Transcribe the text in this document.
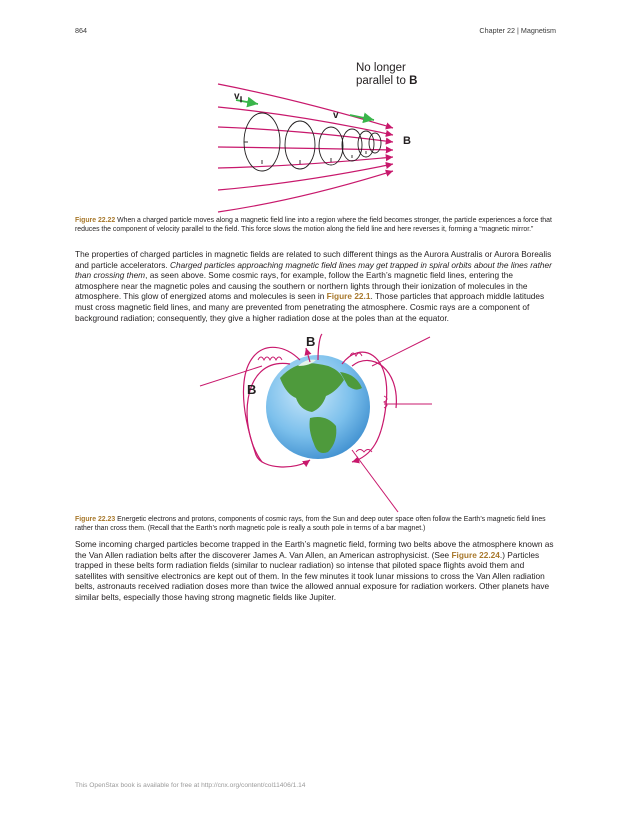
864	Chapter 22 | Magnetism
No longer
parallel to B
$v_\parallel$
v
B
Figure 22.22 When a charged particle moves along a magnetic field line into a region where the field becomes stronger, the particle experiences a force that reduces the component of velocity parallel to the field. This force slows the motion along the field line and here reverses it, forming a “magnetic mirror.”

The properties of charged particles in magnetic fields are related to such different things as the Aurora Australis or Aurora Borealis and particle accelerators. Charged particles approaching magnetic field lines may get trapped in spiral orbits about the lines rather than crossing them, as seen above. Some cosmic rays, for example, follow the Earth’s magnetic field lines, entering the atmosphere near the magnetic poles and causing the southern or northern lights through their ionization of molecules in the atmosphere. This glow of energized atoms and molecules is seen in Figure 22.1. Those particles that approach middle latitudes must cross magnetic field lines, and many are prevented from penetrating the atmosphere. Cosmic rays are a component of background radiation; consequently, they give a higher radiation dose at the poles than at the equator.

B
B
Figure 22.23 Energetic electrons and protons, components of cosmic rays, from the Sun and deep outer space often follow the Earth’s magnetic field lines rather than cross them. (Recall that the Earth’s north magnetic pole is really a south pole in terms of a bar magnet.)

Some incoming charged particles become trapped in the Earth’s magnetic field, forming two belts above the atmosphere known as the Van Allen radiation belts after the discoverer James A. Van Allen, an American astrophysicist. (See Figure 22.24.) Particles trapped in these belts form radiation fields (similar to nuclear radiation) so intense that piloted space flights avoid them and satellites with sensitive electronics are kept out of them. In the few minutes it took lunar missions to cross the Van Allen radiation belts, astronauts received radiation doses more than twice the allowed annual exposure for radiation workers. Other planets have similar belts, especially those having strong magnetic fields like Jupiter.

This OpenStax book is available for free at http://cnx.org/content/col11406/1.14
